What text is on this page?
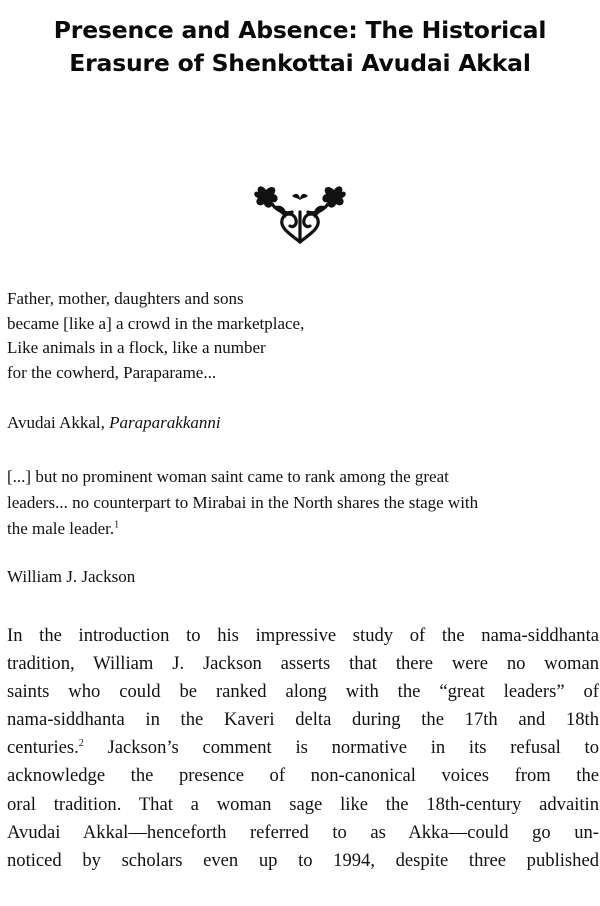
Presence and Absence: The Historical
Erasure of Shenkottai Avudai Akkal
Father, mother, daughters and sons
became [like a] a crowd in the marketplace,
Like animals in a flock, like a number
for the cowherd, Paraparame...
Avudai Akkal, Paraparakkanni
[...] but no prominent woman saint came to rank among the great
leaders... no counterpart to Mirabai in the North shares the stage with
the male leader.$^1$
William J. Jackson
In the introduction to his impressive study of the nama-siddhanta
tradition, William J. Jackson asserts that there were no woman
saints who could be ranked along with the “great leaders” of
nama-siddhanta in the Kaveri delta during the 17th and 18th
centuries.$^2$ Jackson’s comment is normative in its refusal to
acknowledge the presence of non-canonical voices from the
oral tradition. That a woman sage like the 18th-century advaitin
Avudai Akkal—henceforth referred to as Akka—could go un-
noticed by scholars even up to 1994, despite three published
